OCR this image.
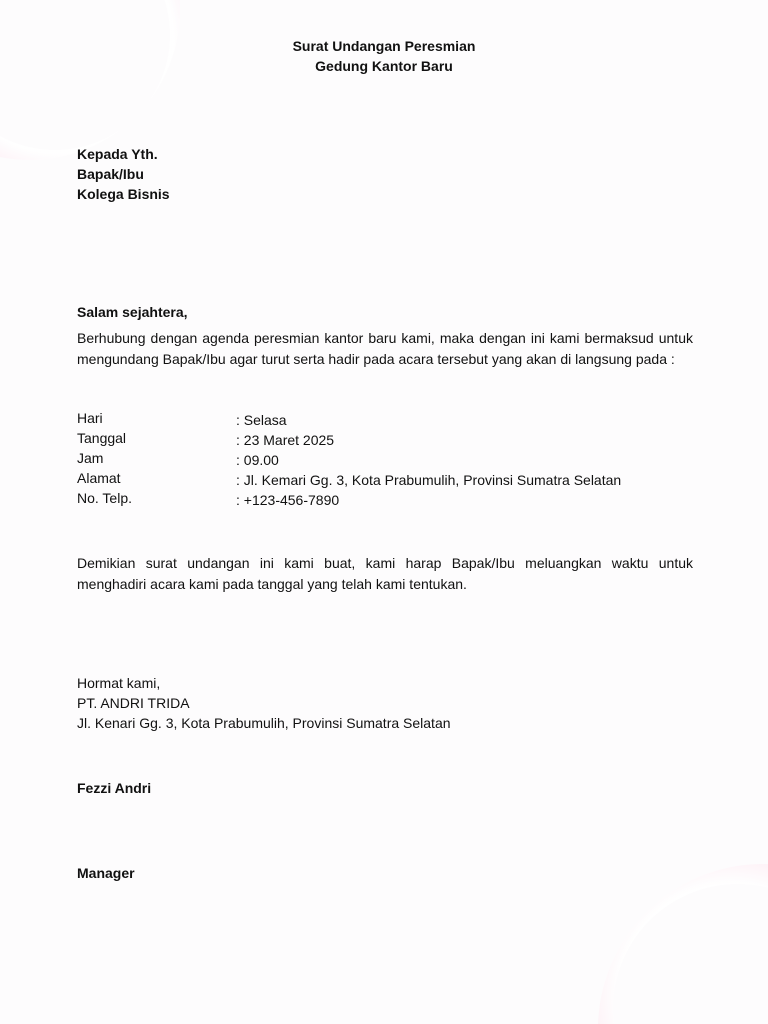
Surat Undangan Peresmian
Gedung Kantor Baru
Kepada Yth.
Bapak/Ibu
Kolega Bisnis
Salam sejahtera,
Berhubung dengan agenda peresmian kantor baru kami, maka dengan ini kami bermaksud untuk mengundang Bapak/Ibu agar turut serta hadir pada acara tersebut yang akan di langsung pada :
Hari	: Selasa
Tanggal	: 23 Maret 2025
Jam	: 09.00
Alamat	: Jl. Kemari Gg. 3, Kota Prabumulih, Provinsi Sumatra Selatan
No. Telp.	: +123-456-7890
Demikian surat undangan ini kami buat, kami harap Bapak/Ibu meluangkan waktu untuk menghadiri acara kami pada tanggal yang telah kami tentukan.
Hormat kami,
PT. ANDRI TRIDA
Jl. Kenari Gg. 3, Kota Prabumulih, Provinsi Sumatra Selatan
Fezzi Andri
Manager
